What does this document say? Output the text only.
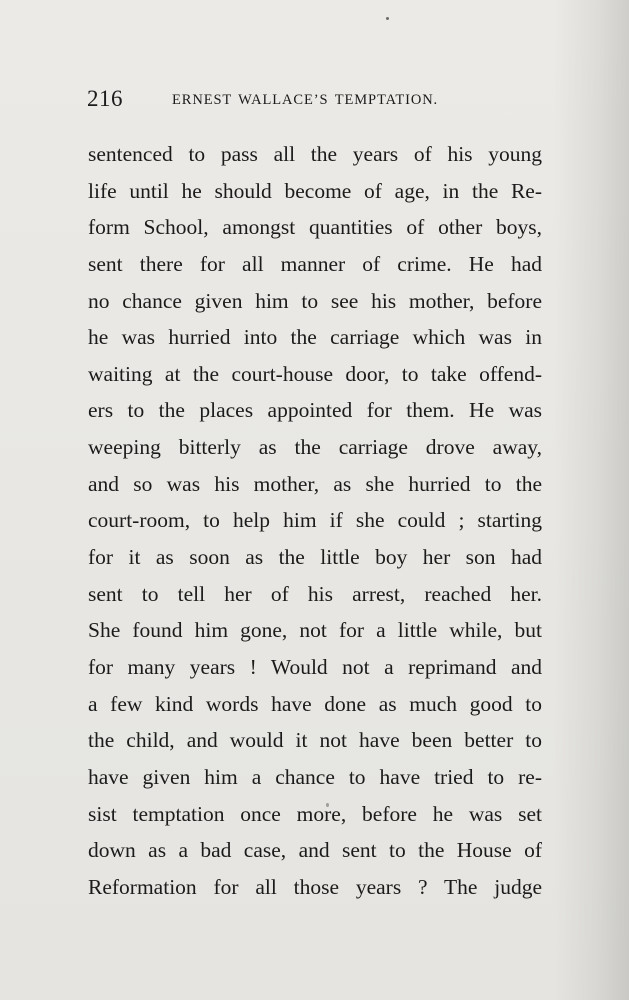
216	ERNEST WALLACE’S TEMPTATION.
sentenced to pass all the years of his young
life until he should become of age, in the Re-
form School, amongst quantities of other boys,
sent there for all manner of crime. He had
no chance given him to see his mother, before
he was hurried into the carriage which was in
waiting at the court-house door, to take offend-
ers to the places appointed for them. He was
weeping bitterly as the carriage drove away,
and so was his mother, as she hurried to the
court-room, to help him if she could ; starting
for it as soon as the little boy her son had
sent to tell her of his arrest, reached her.
She found him gone, not for a little while, but
for many years ! Would not a reprimand and
a few kind words have done as much good to
the child, and would it not have been better to
have given him a chance to have tried to re-
sist temptation once more, before he was set
down as a bad case, and sent to the House of
Reformation for all those years ? The judge
